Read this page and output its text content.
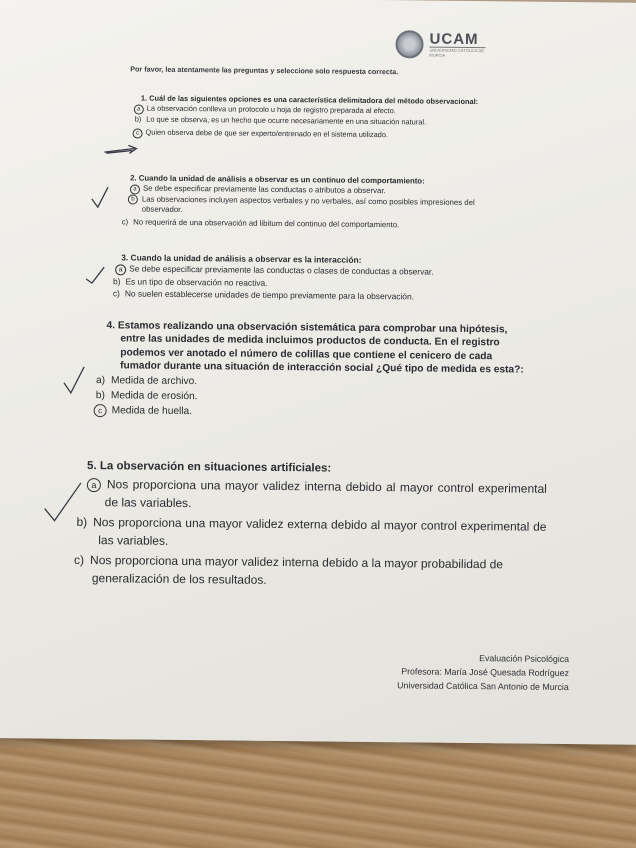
UCAM
UNIVERSIDAD CATÓLICA DE MURCIA
Por favor, lea atentamente las preguntas y seleccione solo respuesta correcta.
1. Cuál de las siguientes opciones es una característica delimitadora del método observacional:
a La observación conlleva un protocolo u hoja de registro preparada al efecto.
b) Lo que se observa, es un hecho que ocurre necesariamente en una situación natural.
c Quien observa debe de que ser experto/entrenado en el sistema utilizado.
2. Cuando la unidad de análisis a observar es un continuo del comportamiento:
a Se debe especificar previamente las conductas o atributos a observar.
b Las observaciones incluyen aspectos verbales y no verbales, así como posibles impresiones del observador.
c) No requerirá de una observación ad libitum del continuo del comportamiento.
3. Cuando la unidad de análisis a observar es la interacción:
a Se debe especificar previamente las conductas o clases de conductas a observar.
b) Es un tipo de observación no reactiva.
c) No suelen establecerse unidades de tiempo previamente para la observación.
4. Estamos realizando una observación sistemática para comprobar una hipótesis, entre las unidades de medida incluimos productos de conducta. En el registro podemos ver anotado el número de colillas que contiene el cenicero de cada fumador durante una situación de interacción social ¿Qué tipo de medida es esta?:
a) Medida de archivo.
b) Medida de erosión.
c Medida de huella.
5. La observación en situaciones artificiales:
a Nos proporciona una mayor validez interna debido al mayor control experimental de las variables.
b) Nos proporciona una mayor validez externa debido al mayor control experimental de las variables.
c) Nos proporciona una mayor validez interna debido a la mayor probabilidad de generalización de los resultados.
Evaluación Psicológica
Profesora: María José Quesada Rodríguez
Universidad Católica San Antonio de Murcia
